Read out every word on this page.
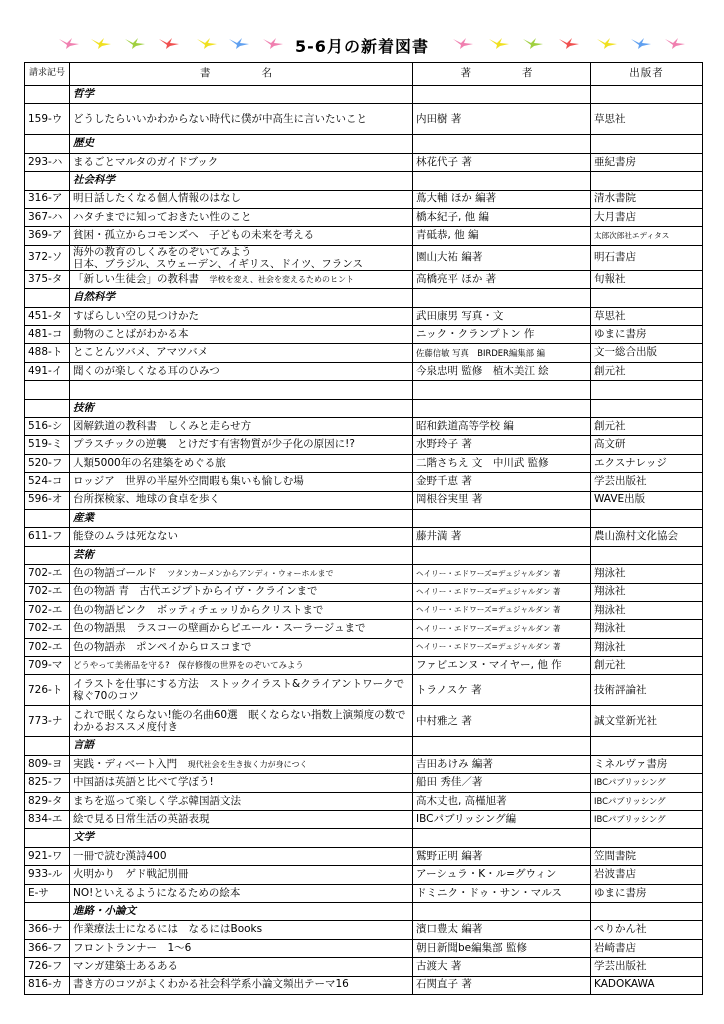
5-6月の新着図書
請求記号	書　　名	著　　者	出版者
	哲学		
159-ウ	どうしたらいいかわからない時代に僕が中高生に言いたいこと	内田樹 著	草思社
	歴史		
293-ハ	まるごとマルタのガイドブック	林花代子 著	亜紀書房
	社会科学		
316-ア	明日話したくなる個人情報のはなし	蔦大輔 ほか 編著	清水書院
367-ハ	ハタチまでに知っておきたい性のこと	橋本紀子, 他 編	大月書店
369-ア	貧困・孤立からコモンズへ　子どもの未来を考える	青砥恭, 他 編	太郎次郎社エディタス
372-ソ	海外の教育のしくみをのぞいてみよう
日本、ブラジル、スウェーデン、イギリス、ドイツ、フランス	園山大祐 編著	明石書店
375-タ	「新しい生徒会」の教科書　 学校を変え、社会を変えるためのヒント	高橋亮平 ほか 著	旬報社
	自然科学		
451-タ	すばらしい空の見つけかた	武田康男 写真・文	草思社
481-コ	動物のことばがわかる本	ニック・クランプトン 作	ゆまに書房
488-ト	とことんツバメ、アマツバメ	佐藤信敏 写真　BIRDER編集部 編	文一総合出版
491-イ	聞くのが楽しくなる耳のひみつ	今泉忠明 監修　植木美江 絵	創元社

	技術		
516-シ	図解鉄道の教科書　しくみと走らせ方	昭和鉄道高等学校 編	創元社
519-ミ	プラスチックの逆襲　とけだす有害物質が少子化の原因に!?	水野玲子 著	高文研
520-フ	人類5000年の名建築をめぐる旅	二階さちえ 文　中川武 監修	エクスナレッジ
524-コ	ロッジア　世界の半屋外空間暇も集いも愉しむ場	金野千恵 著	学芸出版社
596-オ	台所探検家、地球の食卓を歩く	岡根谷実里 著	WAVE出版
	産業		
611-フ	能登のムラは死なない	藤井満 著	農山漁村文化協会
	芸術		
702-エ	色の物語ゴールド　 ツタンカーメンからアンディ・ウォーホルまで	ヘイリー・エドワーズ=デュジャルダン 著	翔泳社
702-エ	色の物語 青　古代エジプトからイヴ・クラインまで	ヘイリー・エドワーズ=デュジャルダン 著	翔泳社
702-エ	色の物語ピンク　ボッティチェッリからクリストまで	ヘイリー・エドワーズ=デュジャルダン 著	翔泳社
702-エ	色の物語黒　ラスコーの壁画からピエール・スーラージュまで	ヘイリー・エドワーズ=デュジャルダン 著	翔泳社
702-エ	色の物語赤　ポンペイからロスコまで	ヘイリー・エドワーズ=デュジャルダン 著	翔泳社
709-マ	どうやって美術品を守る?　保存修復の世界をのぞいてみよう	ファビエンヌ・マイヤー, 他 作	創元社
726-ト	イラストを仕事にする方法　ストックイラスト&クライアントワークで稼ぐ70のコツ	トラノスケ 著	技術評論社
773-ナ	これで眠くならない!能の名曲60選　眠くならない指数上演頻度の数でわかるおススメ度付き	中村雅之 著	誠文堂新光社
	言語		
809-ヨ	実践・ディベート入門　 現代社会を生き抜く力が身につく	吉田あけみ 編著	ミネルヴァ書房
825-フ	中国語は英語と比べて学ぼう!	船田 秀佳／著	IBCパブリッシング
829-タ	まちを巡って楽しく学ぶ韓国語文法	高木丈也, 高槿旭著	IBCパブリッシング
834-エ	絵で見る日常生活の英語表現	IBCパブリッシング編	IBCパブリッシング
	文学		
921-ワ	一冊で読む漢詩400	鷲野正明 編著	笠間書院
933-ル	火明かり　ゲド戦記別冊	アーシュラ・K・ル=グウィン	岩波書店
E-サ	NO!といえるようになるための絵本	ドミニク・ドゥ・サン・マルス	ゆまに書房
	進路・小論文		
366-ナ	作業療法士になるには　なるにはBooks	濱口豊太 編著	ぺりかん社
366-フ	フロントランナー　1～6	朝日新聞be編集部 監修	岩崎書店
726-フ	マンガ建築士あるある	古渡大 著	学芸出版社
816-カ	書き方のコツがよくわかる社会科学系小論文頻出テーマ16	石関直子 著	KADOKAWA
